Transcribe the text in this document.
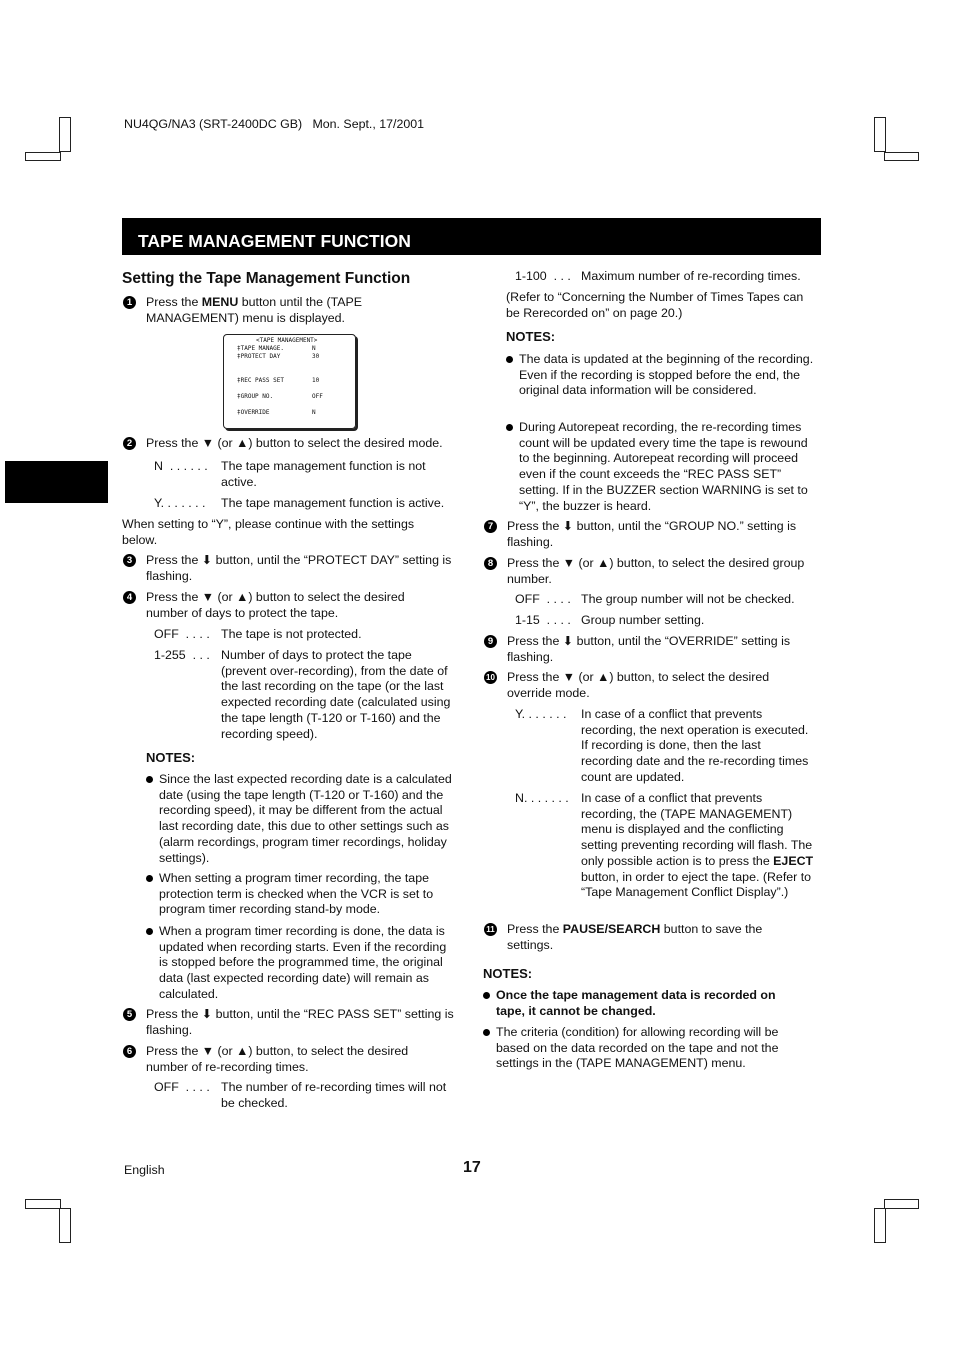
NU4QG/NA3 (SRT-2400DC GB) Mon. Sept., 17/2001
TAPE MANAGEMENT FUNCTION
Setting the Tape Management Function
1	Press the MENU button until the (TAPE MANAGEMENT) menu is displayed.
<TAPE MANAGEMENT>
‡TAPE MANAGE.	N
‡PROTECT DAY	30
‡REC PASS SET	10
‡GROUP NO.	OFF
‡OVERRIDE	N
2	Press the ▼ (or ▲) button to select the desired mode.
N  . . . . . . The tape management function is not active.
Y. . . . . . . The tape management function is active.
When setting to “Y”, please continue with the settings below.
3	Press the ⬇ button, until the “PROTECT DAY” setting is flashing.
4	Press the ▼ (or ▲) button to select the desired number of days to protect the tape.
OFF  . . . . The tape is not protected.
1-255  . . . Number of days to protect the tape (prevent over-recording), from the date of the last recording on the tape (or the last expected recording date (calculated using the tape length (T-120 or T-160) and the recording speed).
NOTES:
Since the last expected recording date is a calculated date (using the tape length (T-120 or T-160) and the recording speed), it may be different from the actual last recording date, this due to other settings such as (alarm recordings, program timer recordings, holiday settings).
When setting a program timer recording, the tape protection term is checked when the VCR is set to program timer recording stand-by mode.
When a program timer recording is done, the data is updated when recording starts. Even if the recording is stopped before the programmed time, the original data (last expected recording date) will remain as calculated.
5	Press the ⬇ button, until the “REC PASS SET” setting is flashing.
6	Press the ▼ (or ▲) button, to select the desired number of re-recording times.
OFF  . . . . The number of re-recording times will not be checked.
1-100  . . . Maximum number of re-recording times.
(Refer to “Concerning the Number of Times Tapes can be Rerecorded on” on page 20.)
NOTES:
The data is updated at the beginning of the recording. Even if the recording is stopped before the end, the original data information will be considered.
During Autorepeat recording, the re-recording times count will be updated every time the tape is rewound to the beginning. Autorepeat recording will proceed even if the count exceeds the “REC PASS SET” setting. If in the BUZZER section WARNING is set to “Y”, the buzzer is heard.
7	Press the ⬇ button, until the “GROUP NO.” setting is flashing.
8	Press the ▼ (or ▲) button, to select the desired group number.
OFF  . . . . The group number will not be checked.
1-15  . . . . Group number setting.
9	Press the ⬇ button, until the “OVERRIDE” setting is flashing.
10 Press the ▼ (or ▲) button, to select the desired override mode.
Y. . . . . . . In case of a conflict that prevents recording, the next operation is executed. If recording is done, then the last recording date and the re-recording times count are updated.
N. . . . . . . In case of a conflict that prevents recording, the (TAPE MANAGEMENT) menu is displayed and the conflicting setting preventing recording will flash. The only possible action is to press the EJECT button, in order to eject the tape. (Refer to “Tape Management Conflict Display”.)
11 Press the PAUSE/SEARCH button to save the settings.
NOTES:
Once the tape management data is recorded on tape, it cannot be changed.
The criteria (condition) for allowing recording will be based on the data recorded on the tape and not the settings in the (TAPE MANAGEMENT) menu.
English	17
